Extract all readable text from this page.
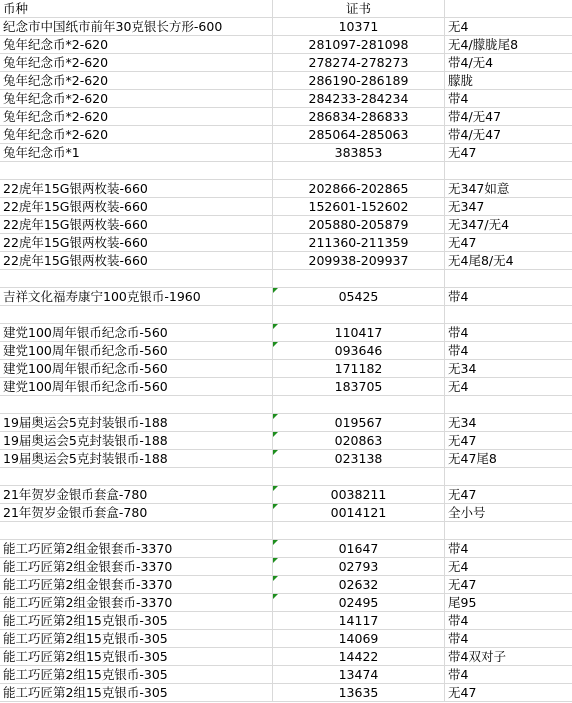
币种	证书
纪念市中国纸市前年30克银长方形-600	10371	无4
兔年纪念币*2-620	281097-281098	无4/朦胧尾8
兔年纪念币*2-620	278274-278273	带4/无4
兔年纪念币*2-620	286190-286189	朦胧
兔年纪念币*2-620	284233-284234	带4
兔年纪念币*2-620	286834-286833	带4/无47
兔年纪念币*2-620	285064-285063	带4/无47
兔年纪念币*1	383853	无47
22虎年15G银两枚装-660	202866-202865	无347如意
22虎年15G银两枚装-660	152601-152602	无347
22虎年15G银两枚装-660	205880-205879	无347/无4
22虎年15G银两枚装-660	211360-211359	无47
22虎年15G银两枚装-660	209938-209937	无4尾8/无4
吉祥文化福寿康宁100克银币-1960	05425	带4
建党100周年银币纪念币-560	110417	带4
建党100周年银币纪念币-560	093646	带4
建党100周年银币纪念币-560	171182	无34
建党100周年银币纪念币-560	183705	无4
19届奥运会5克封装银币-188	019567	无34
19届奥运会5克封装银币-188	020863	无47
19届奥运会5克封装银币-188	023138	无47尾8
21年贺岁金银币套盒-780	0038211	无47
21年贺岁金银币套盒-780	0014121	全小号
能工巧匠第2组金银套币-3370	01647	带4
能工巧匠第2组金银套币-3370	02793	无4
能工巧匠第2组金银套币-3370	02632	无47
能工巧匠第2组金银套币-3370	02495	尾95
能工巧匠第2组15克银币-305	14117	带4
能工巧匠第2组15克银币-305	14069	带4
能工巧匠第2组15克银币-305	14422	带4双对子
能工巧匠第2组15克银币-305	13474	带4
能工巧匠第2组15克银币-305	13635	无47
